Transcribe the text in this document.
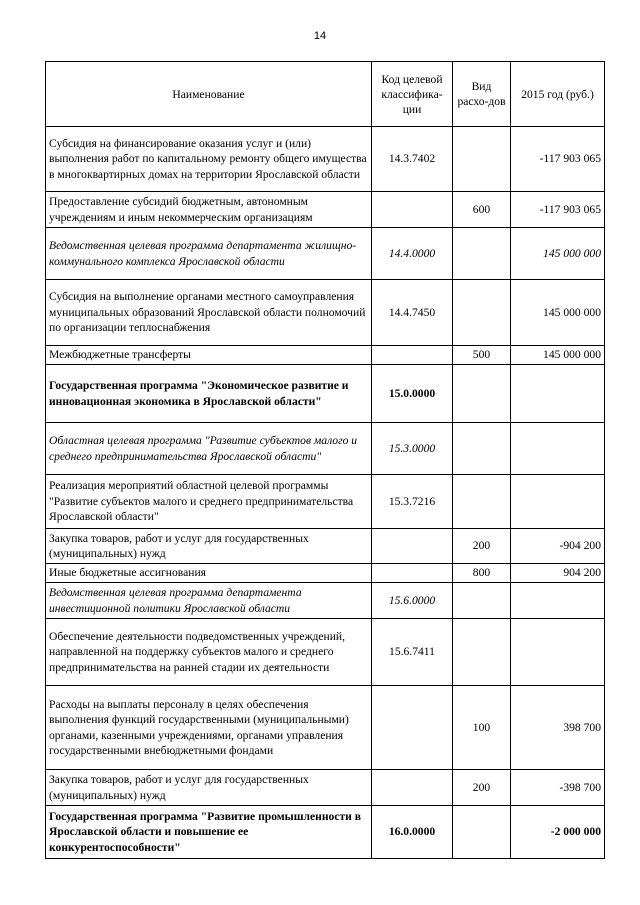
14
Наименование	Код целевой классифика-ции	Вид расхо-дов	2015 год (руб.)
Субсидия на финансирование оказания услуг и (или) выполнения работ по капитальному ремонту общего имущества в многоквартирных домах на территории Ярославской области	14.3.7402		-117 903 065
Предоставление субсидий бюджетным, автономным учреждениям и иным некоммерческим организациям		600	-117 903 065
Ведомственная целевая программа департамента жилищно-коммунального комплекса Ярославской области	14.4.0000		145 000 000
Субсидия на выполнение органами местного самоуправления муниципальных образований Ярославской области полномочий по организации теплоснабжения	14.4.7450		145 000 000
Межбюджетные трансферты		500	145 000 000
Государственная программа "Экономическое развитие и инновационная экономика в Ярославской области"	15.0.0000		
Областная целевая программа "Развитие субъектов малого и среднего предпринимательства Ярославской области"	15.3.0000		
Реализация мероприятий областной целевой программы "Развитие субъектов малого и среднего предпринимательства Ярославской области"	15.3.7216		
Закупка товаров, работ и услуг для государственных (муниципальных) нужд		200	-904 200
Иные бюджетные ассигнования		800	904 200
Ведомственная целевая программа департамента инвестиционной политики Ярославской области	15.6.0000		
Обеспечение деятельности подведомственных учреждений, направленной на поддержку субъектов малого и среднего предпринимательства на ранней стадии их деятельности	15.6.7411		
Расходы на выплаты персоналу в целях обеспечения выполнения функций государственными (муниципальными) органами, казенными учреждениями, органами управления государственными внебюджетными фондами		100	398 700
Закупка товаров, работ и услуг для государственных (муниципальных) нужд		200	-398 700
Государственная программа "Развитие промышленности в Ярославской области и повышение ее конкурентоспособности"	16.0.0000		-2 000 000
